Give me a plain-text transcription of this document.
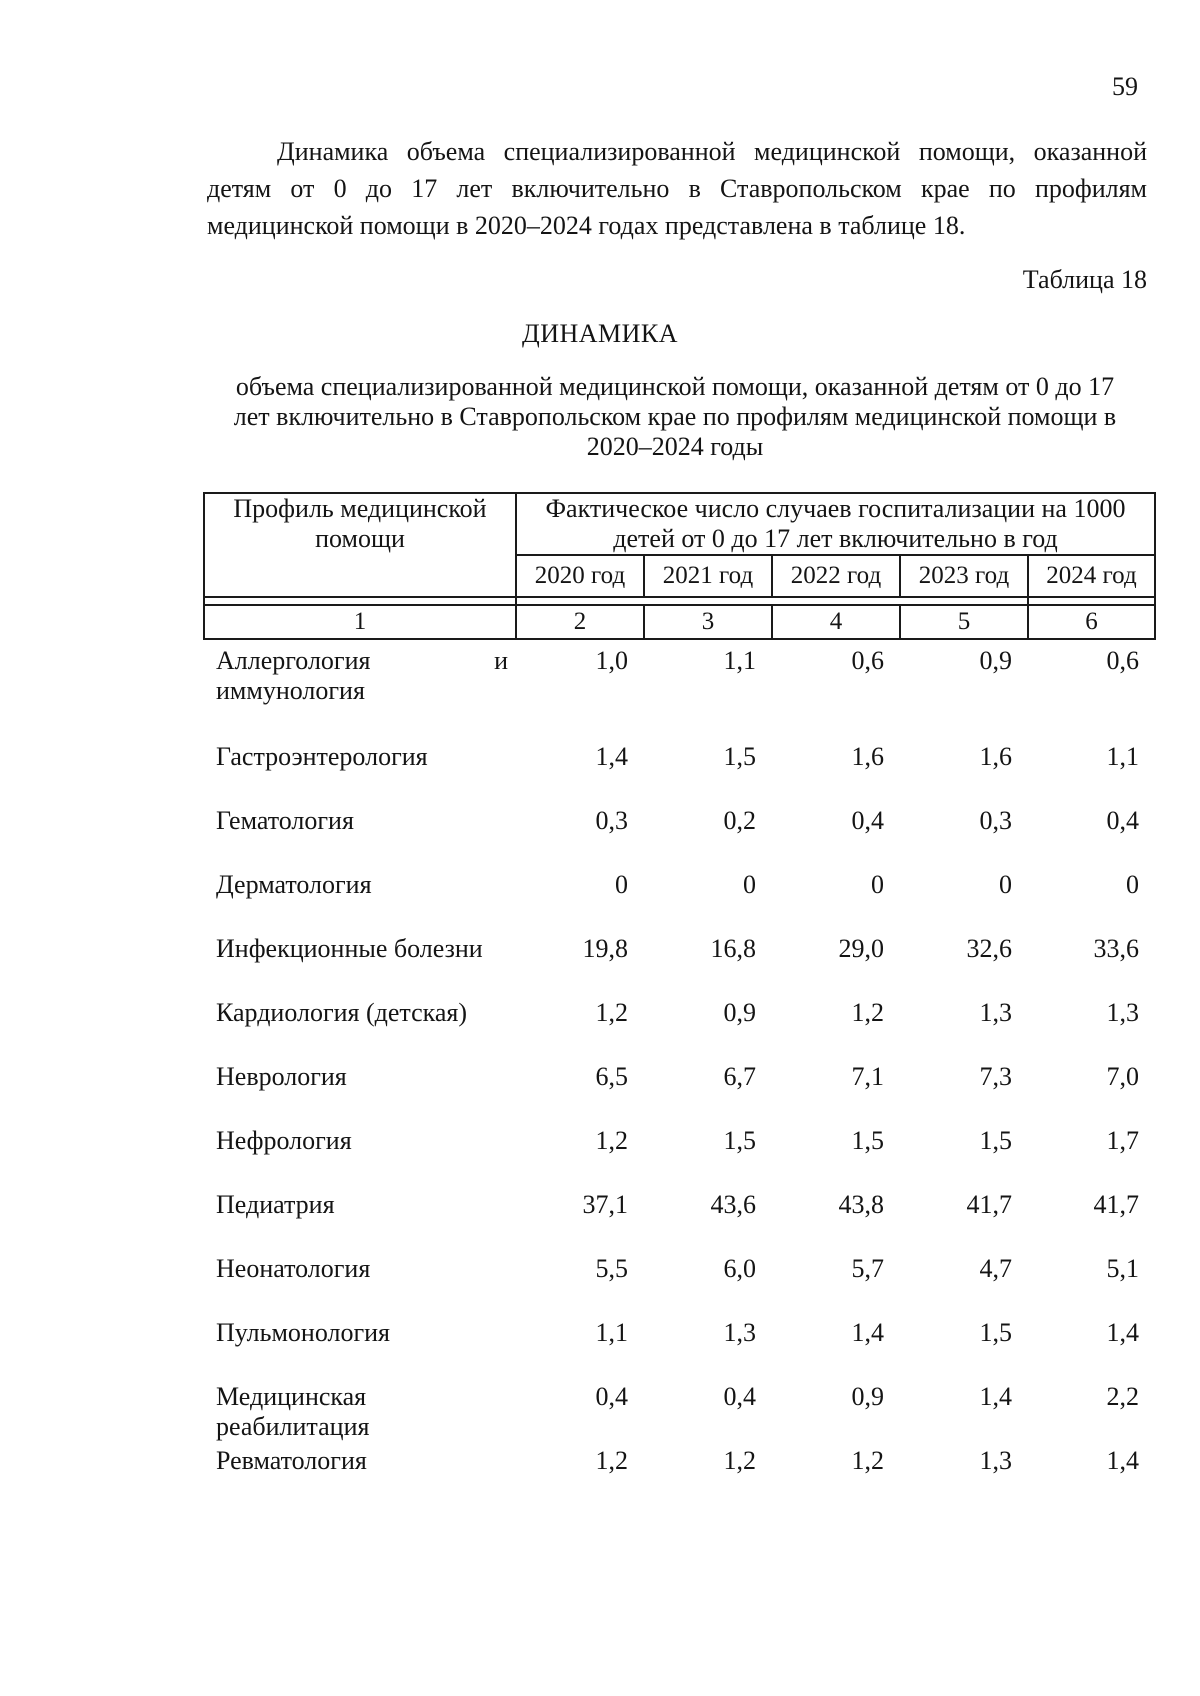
59

Динамика объема специализированной медицинской помощи, оказанной детям от 0 до 17 лет включительно в Ставропольском крае по профилям медицинской помощи в 2020–2024 годах представлена в таблице 18.

Таблица 18
ДИНАМИКА

объема специализированной медицинской помощи, оказанной детям от 0 до 17 лет включительно в Ставропольском крае по профилям медицинской помощи в 2020–2024 годы

Профиль медицинской помощи	Фактическое число случаев госпитализации на 1000 детей от 0 до 17 лет включительно в год				
	2020 год	2021 год	2022 год	2023 год	2024 год

1	2	3	4	5	6
Аллергология и иммунология	1,0	1,1	0,6	0,9	0,6
Гастроэнтерология	1,4	1,5	1,6	1,6	1,1
Гематология	0,3	0,2	0,4	0,3	0,4
Дерматология	0	0	0	0	0
Инфекционные болезни	19,8	16,8	29,0	32,6	33,6
Кардиология (детская)	1,2	0,9	1,2	1,3	1,3
Неврология	6,5	6,7	7,1	7,3	7,0
Нефрология	1,2	1,5	1,5	1,5	1,7
Педиатрия	37,1	43,6	43,8	41,7	41,7
Неонатология	5,5	6,0	5,7	4,7	5,1
Пульмонология	1,1	1,3	1,4	1,5	1,4
Медицинская реабилитация	0,4	0,4	0,9	1,4	2,2
Ревматология	1,2	1,2	1,2	1,3	1,4
